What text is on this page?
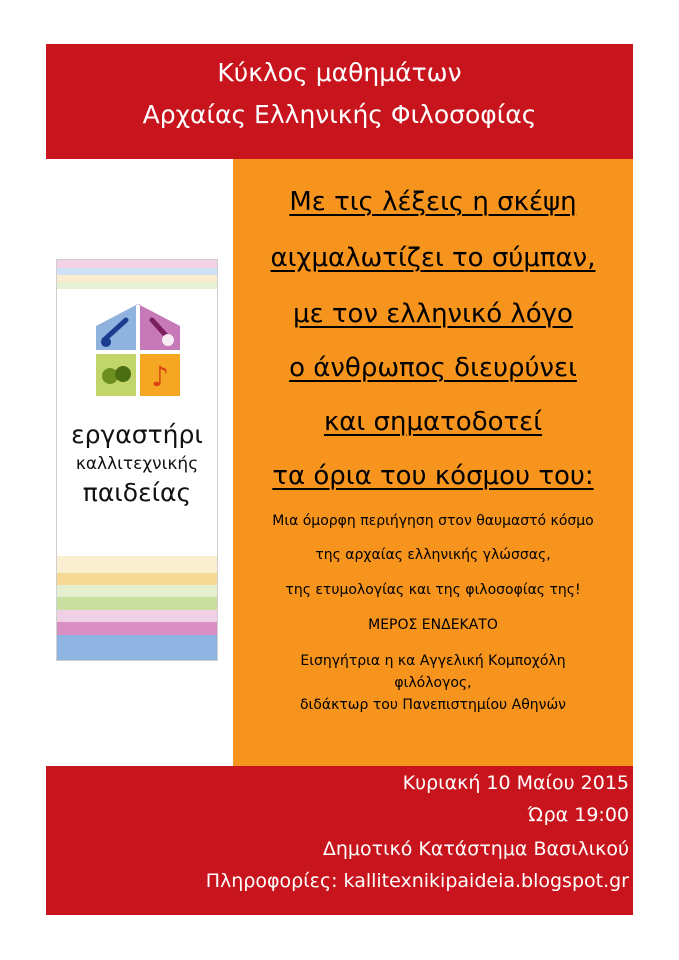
Κύκλος μαθημάτων
Αρχαίας Ελληνικής Φιλοσοφίας
♪
εργαστήρι
καλλιτεχνικής
παιδείας
Με τις λέξεις η σκέψη
αιχμαλωτίζει το σύμπαν,
με τον ελληνικό λόγο
ο άνθρωπος διευρύνει
και σηματοδοτεί
τα όρια του κόσμου του:
Μια όμορφη περιήγηση στον θαυμαστό κόσμο
της αρχαίας ελληνικής γλώσσας,
της ετυμολογίας και της φιλοσοφίας της!
ΜΕΡΟΣ ΕΝΔΕΚΑΤΟ
Εισηγήτρια η κα Αγγελική Κομποχόλη
φιλόλογος,
διδάκτωρ του Πανεπιστημίου Αθηνών
Κυριακή 10 Μαίου 2015
Ώρα 19:00
Δημοτικό Κατάστημα Βασιλικού
Πληροφορίες: kallitexnikipaideia.blogspot.gr
